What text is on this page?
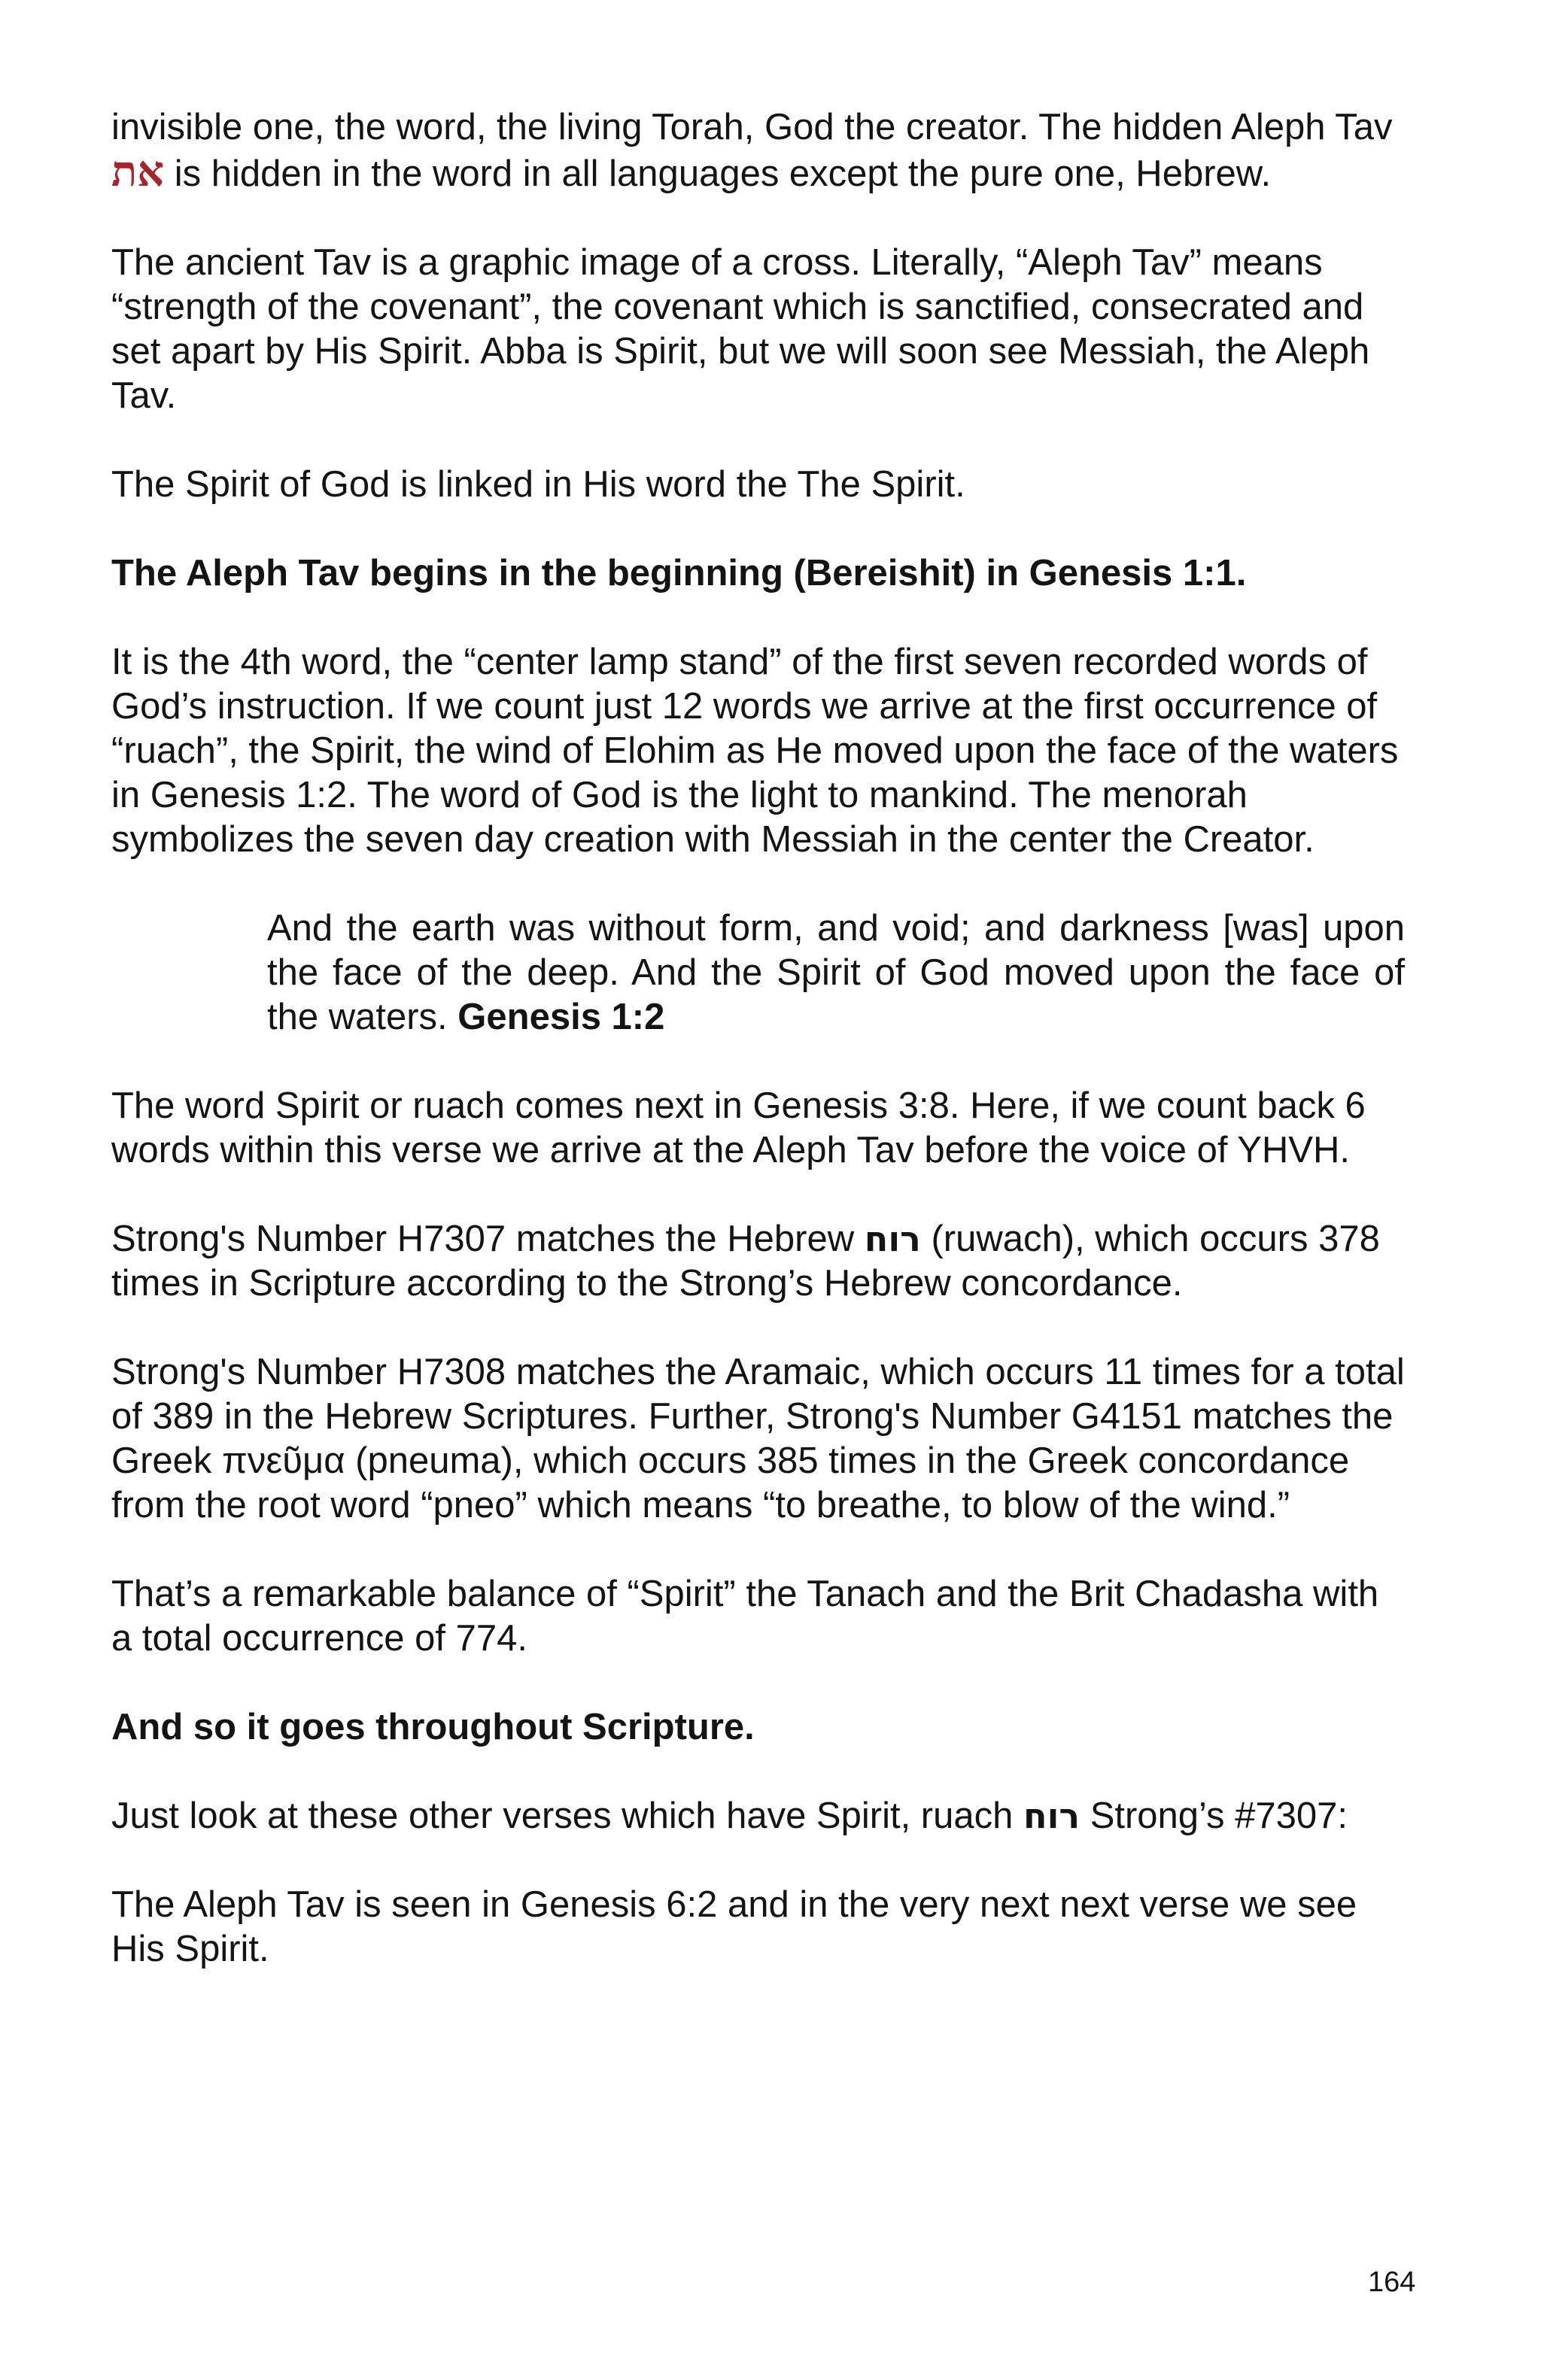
invisible one, the word, the living Torah, God the creator. The hidden Aleph Tav את is hidden in the word in all languages except the pure one, Hebrew.

The ancient Tav is a graphic image of a cross. Literally, “Aleph Tav” means “strength of the covenant”, the covenant which is sanctified, consecrated and set apart by His Spirit. Abba is Spirit, but we will soon see Messiah, the Aleph Tav.

The Spirit of God is linked in His word the The Spirit.

The Aleph Tav begins in the beginning (Bereishit) in Genesis 1:1.

It is the 4th word, the “center lamp stand” of the first seven recorded words of God’s instruction. If we count just 12 words we arrive at the first occurrence of “ruach”, the Spirit, the wind of Elohim as He moved upon the face of the waters in Genesis 1:2. The word of God is the light to mankind. The menorah symbolizes the seven day creation with Messiah in the center the Creator.

And the earth was without form, and void; and darkness [was] upon the face of the deep. And the Spirit of God moved upon the face of the waters. Genesis 1:2

The word Spirit or ruach comes next in Genesis 3:8. Here, if we count back 6 words within this verse we arrive at the Aleph Tav before the voice of YHVH.

Strong's Number H7307 matches the Hebrew רוח (ruwach), which occurs 378 times in Scripture according to the Strong’s Hebrew concordance.

Strong's Number H7308 matches the Aramaic, which occurs 11 times for a total of 389 in the Hebrew Scriptures. Further, Strong's Number G4151 matches the Greek πνεῦμα (pneuma), which occurs 385 times in the Greek concordance from the root word “pneo” which means “to breathe, to blow of the wind.”

That’s a remarkable balance of “Spirit” the Tanach and the Brit Chadasha with a total occurrence of 774.

And so it goes throughout Scripture.

Just look at these other verses which have Spirit, ruach רוח Strong’s #7307:

The Aleph Tav is seen in Genesis 6:2 and in the very next next verse we see His Spirit.

164
